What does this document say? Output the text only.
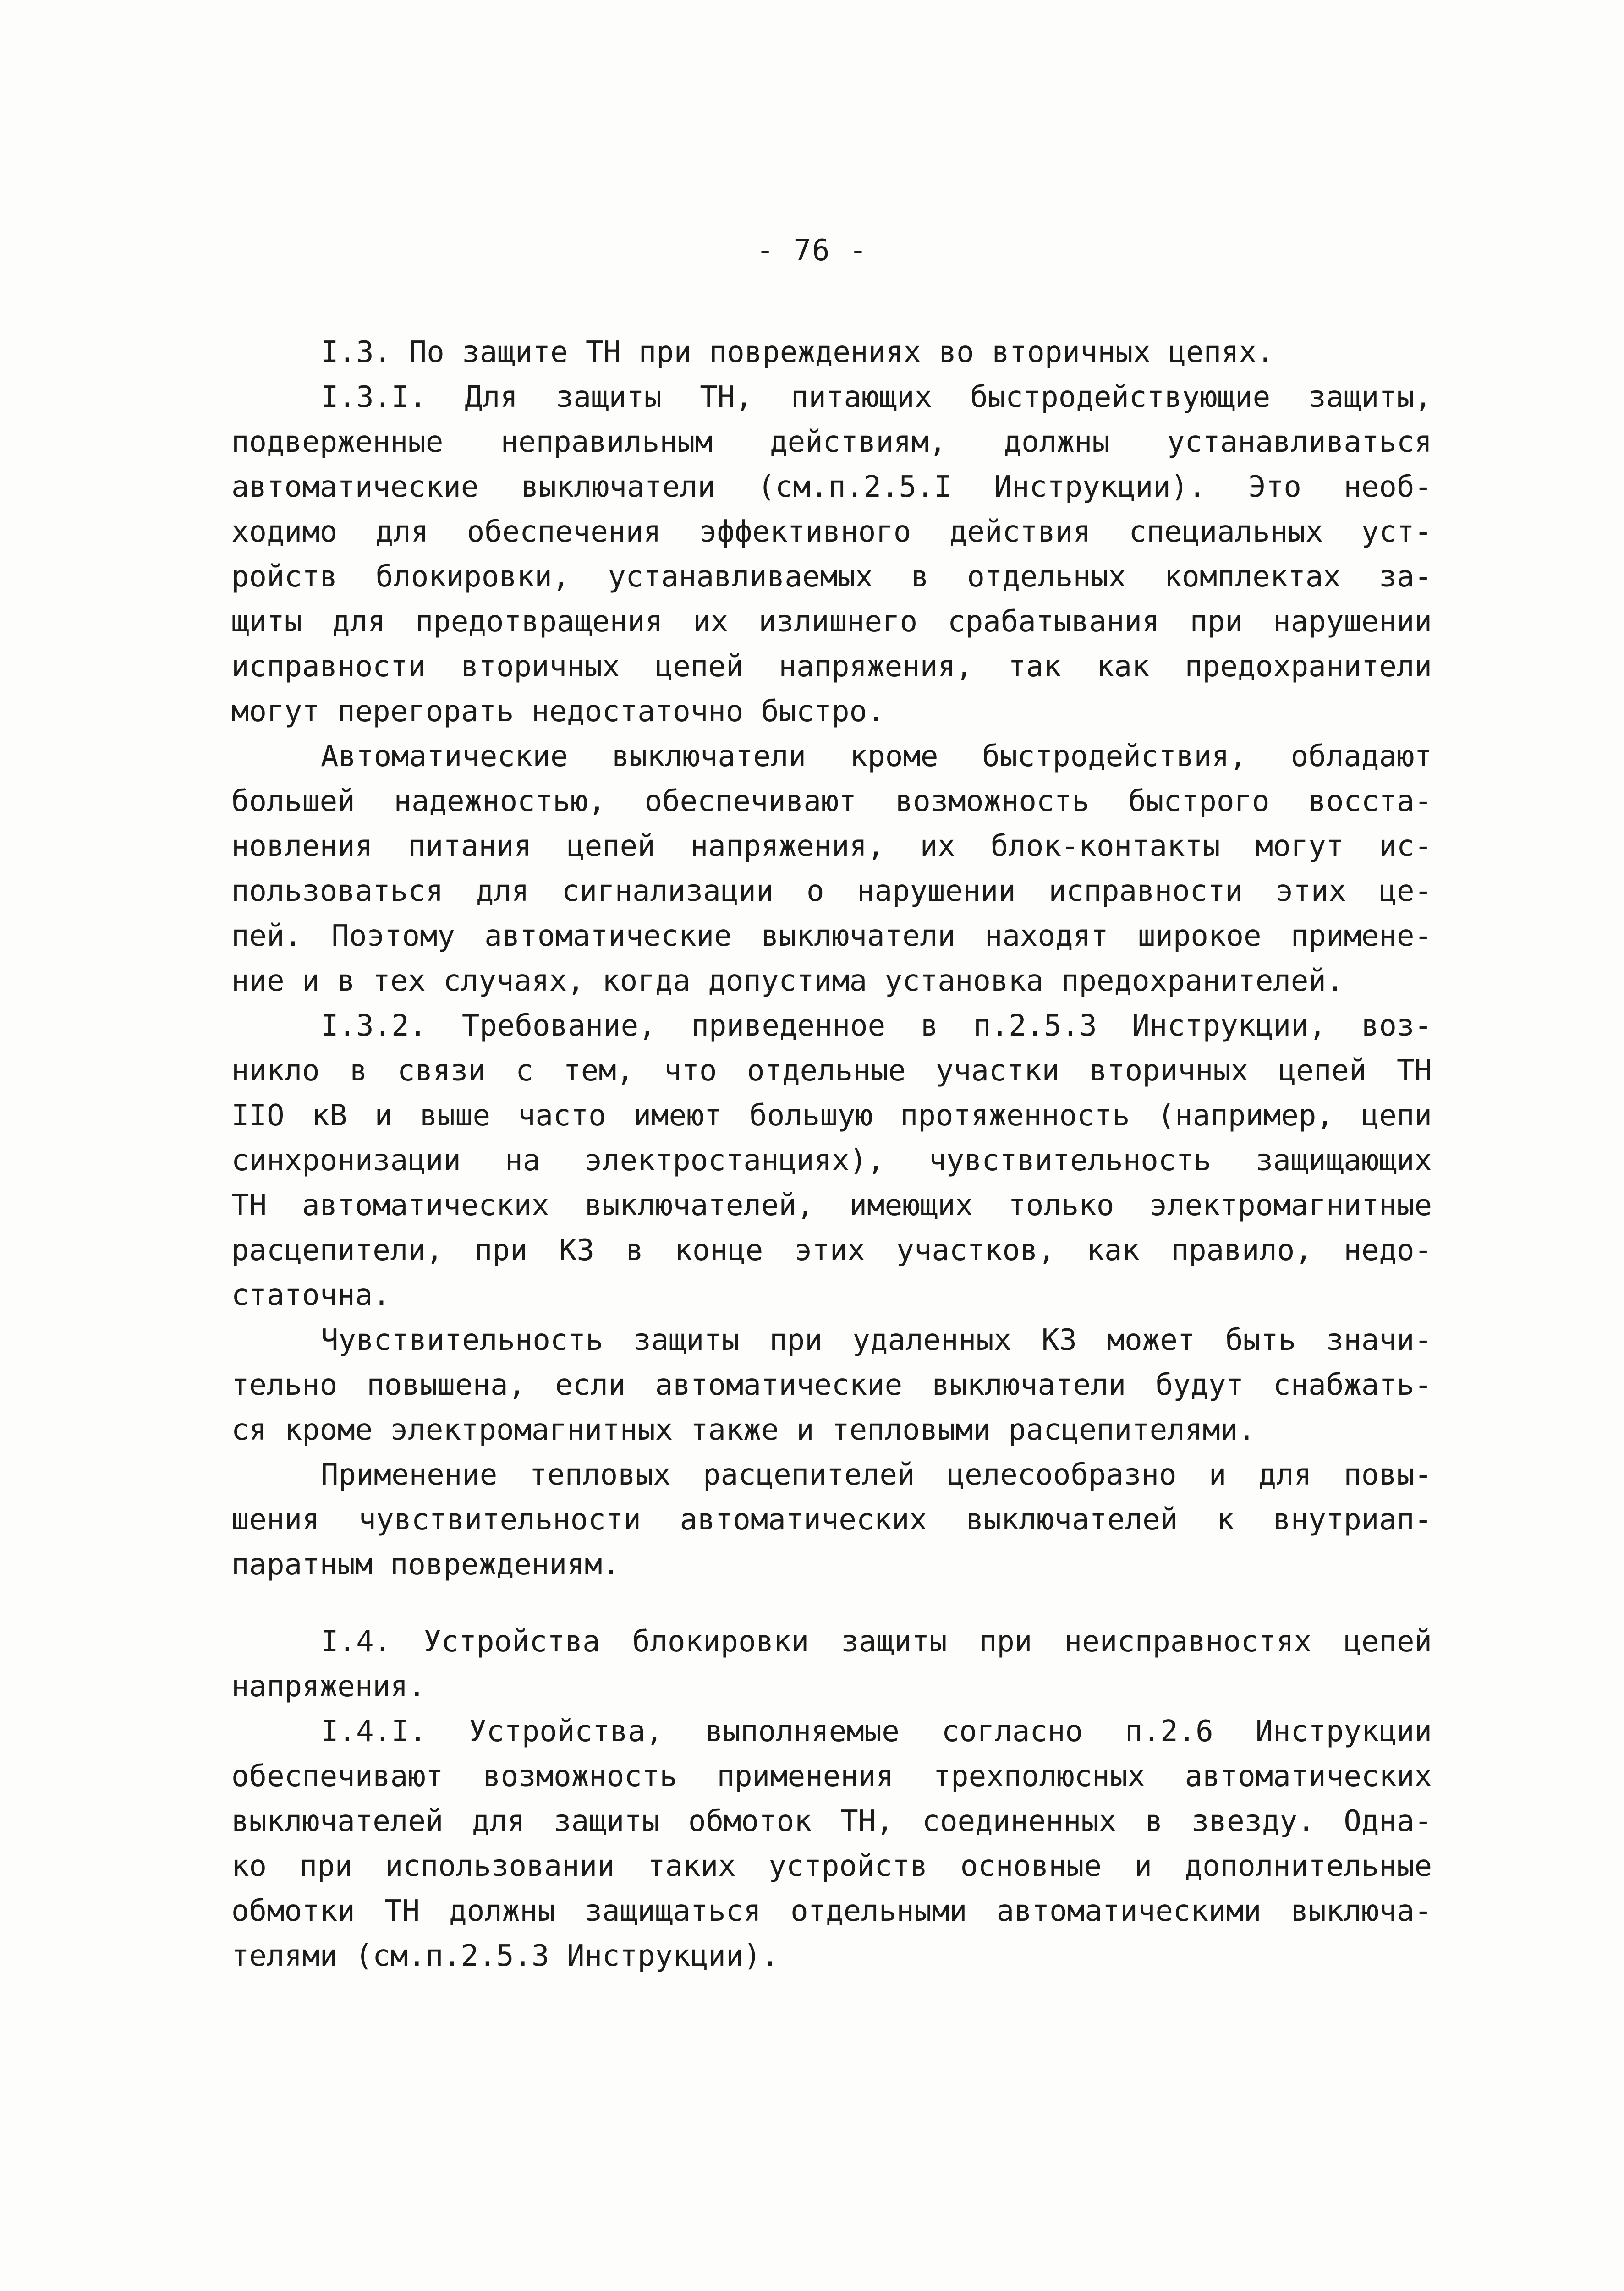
- 76 -
I.3. По защите ТН при повреждениях во вторичных цепях.
I.3.I. Для защиты ТН, питающих быстродействующие защиты,
подверженные неправильным действиям, должны устанавливаться
автоматические выключатели (см.п.2.5.I Инструкции). Это необ-
ходимо для обеспечения эффективного действия специальных уст-
ройств блокировки, устанавливаемых в отдельных комплектах за-
щиты для предотвращения их излишнего срабатывания при нарушении
исправности вторичных цепей напряжения, так как предохранители
могут перегорать недостаточно быстро.
Автоматические выключатели кроме быстродействия, обладают
большей надежностью, обеспечивают возможность быстрого восста-
новления питания цепей напряжения, их блок-контакты могут ис-
пользоваться для сигнализации о нарушении исправности этих це-
пей. Поэтому автоматические выключатели находят широкое примене-
ние и в тех случаях, когда допустима установка предохранителей.
I.3.2. Требование, приведенное в п.2.5.3 Инструкции, воз-
никло в связи с тем, что отдельные участки вторичных цепей ТН
IIО кВ и выше часто имеют большую протяженность (например, цепи
синхронизации на электростанциях), чувствительность защищающих
ТН автоматических выключателей, имеющих только электромагнитные
расцепители, при КЗ в конце этих участков, как правило, недо-
статочна.
Чувствительность защиты при удаленных КЗ может быть значи-
тельно повышена, если автоматические выключатели будут снабжать-
ся кроме электромагнитных также и тепловыми расцепителями.
Применение тепловых расцепителей целесообразно и для повы-
шения чувствительности автоматических выключателей к внутриап-
паратным повреждениям.
I.4. Устройства блокировки защиты при неисправностях цепей
напряжения.
I.4.I. Устройства, выполняемые согласно п.2.6 Инструкции
обеспечивают возможность применения трехполюсных автоматических
выключателей для защиты обмоток ТН, соединенных в звезду. Одна-
ко при использовании таких устройств основные и дополнительные
обмотки ТН должны защищаться отдельными автоматическими выключа-
телями (см.п.2.5.3 Инструкции).
